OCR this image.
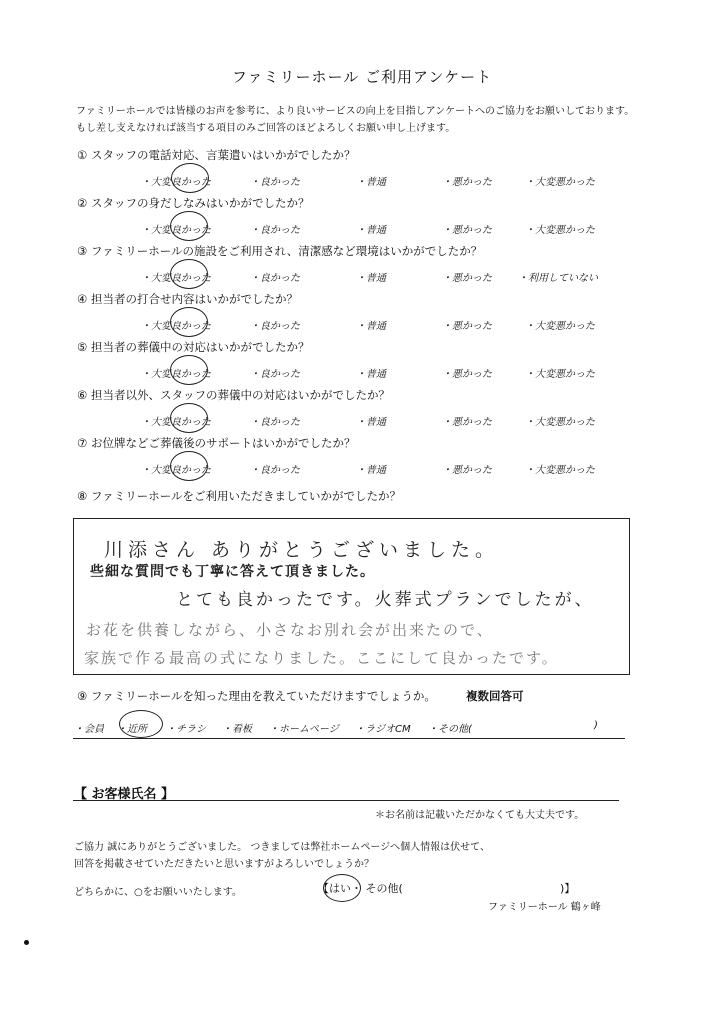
ファミリーホール ご利用アンケート
ファミリーホールでは皆様のお声を参考に、より良いサービスの向上を目指しアンケートへのご協力をお願いしております。
もし差し支えなければ該当する項目のみご回答のほどよろしくお願い申し上げます。
① スタッフの電話対応、言葉遣いはいかがでしたか？
・大変良かった	・良かった	・普通	・悪かった	・大変悪かった
② スタッフの身だしなみはいかがでしたか？
・大変良かった	・良かった	・普通	・悪かった	・大変悪かった
③ ファミリーホールの施設をご利用され、清潔感など環境はいかがでしたか？
・大変良かった	・良かった	・普通	・悪かった	・利用していない
④ 担当者の打合せ内容はいかがでしたか？
・大変良かった	・良かった	・普通	・悪かった	・大変悪かった
⑤ 担当者の葬儀中の対応はいかがでしたか？
・大変良かった	・良かった	・普通	・悪かった	・大変悪かった
⑥ 担当者以外、スタッフの葬儀中の対応はいかがでしたか？
・大変良かった	・良かった	・普通	・悪かった	・大変悪かった
⑦ お位牌などご葬儀後のサポートはいかがでしたか？
・大変良かった	・良かった	・普通	・悪かった	・大変悪かった
⑧ ファミリーホールをご利用いただきましていかがでしたか？
川添さん ありがとうございました。
些細な質問でも丁寧に答えて頂きました。
とても良かったです。火葬式プランでしたが、
お花を供養しながら、小さなお別れ会が出来たので、
家族で作る最高の式になりました。ここにして良かったです。
⑨ ファミリーホールを知った理由を教えていただけますでしょうか。	複数回答可
・会員 ・近所 ・チラシ ・看板 ・ホームページ ・ラジオCM ・その他(	)
【 お客様氏名 】
＊お名前は記載いただかなくても大丈夫です。
ご協力 誠にありがとうございました。 つきましては弊社ホームページへ個人情報は伏せて、
回答を掲載させていただきたいと思いますがよろしいでしょうか？
どちらかに、○をお願いいたします。	【はい・ その他(	)】
ファミリーホール 鶴ヶ峰
